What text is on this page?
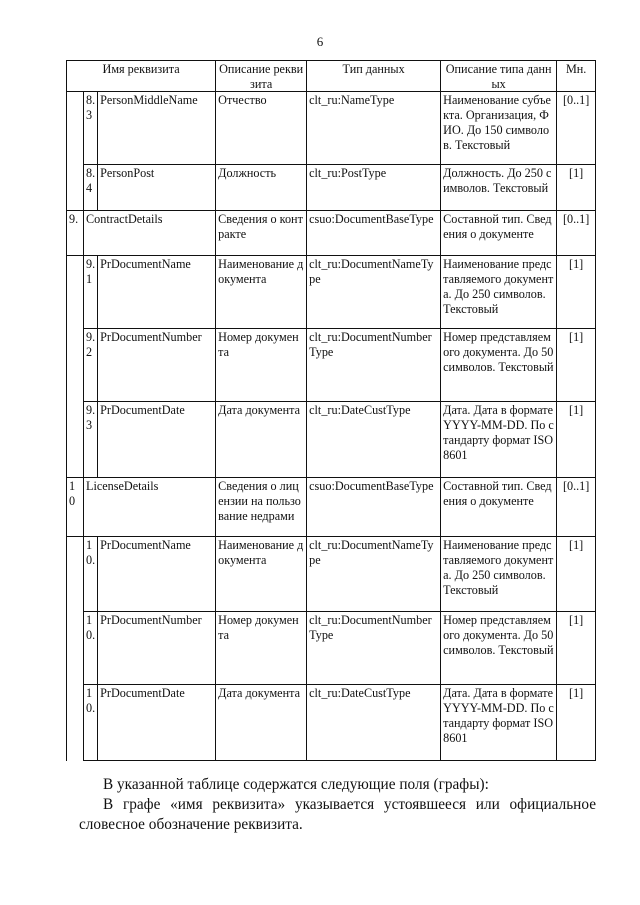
6
Имя реквизита			Описание реквизита	Тип данных	Описание типа данных	Мн.
	8.3	PersonMiddleName	Отчество	clt_ru:NameType	Наименование субъекта. Организация, ФИО. До 150 символов. Текстовый	[0..1]
	8.4	PersonPost	Должность	clt_ru:PostType	Должность. До 250 символов. Текстовый	[1]
9.	ContractDetails		Сведения о контракте	csuo:DocumentBaseType	Составной тип. Сведения о документе	[0..1]
	9.1	PrDocumentName	Наименование документа	clt_ru:DocumentNameType	Наименование представляемого документа. До 250 символов. Текстовый	[1]
	9.2	PrDocumentNumber	Номер документа	clt_ru:DocumentNumberType	Номер представляемого документа. До 50 символов. Текстовый	[1]
	9.3	PrDocumentDate	Дата документа	clt_ru:DateCustType	Дата. Дата в формате YYYY-MM-DD. По стандарту формат ISO 8601	[1]
10	LicenseDetails		Сведения о лицензии на пользование недрами	csuo:DocumentBaseType	Составной тип. Сведения о документе	[0..1]
	10.	PrDocumentName	Наименование документа	clt_ru:DocumentNameType	Наименование представляемого документа. До 250 символов. Текстовый	[1]
	10.	PrDocumentNumber	Номер документа	clt_ru:DocumentNumberType	Номер представляемого документа. До 50 символов. Текстовый	[1]
	10.	PrDocumentDate	Дата документа	clt_ru:DateCustType	Дата. Дата в формате YYYY-MM-DD. По стандарту формат ISO 8601	[1]
В указанной таблице содержатся следующие поля (графы):
В графе «имя реквизита» указывается устоявшееся или официальное
словесное обозначение реквизита.
